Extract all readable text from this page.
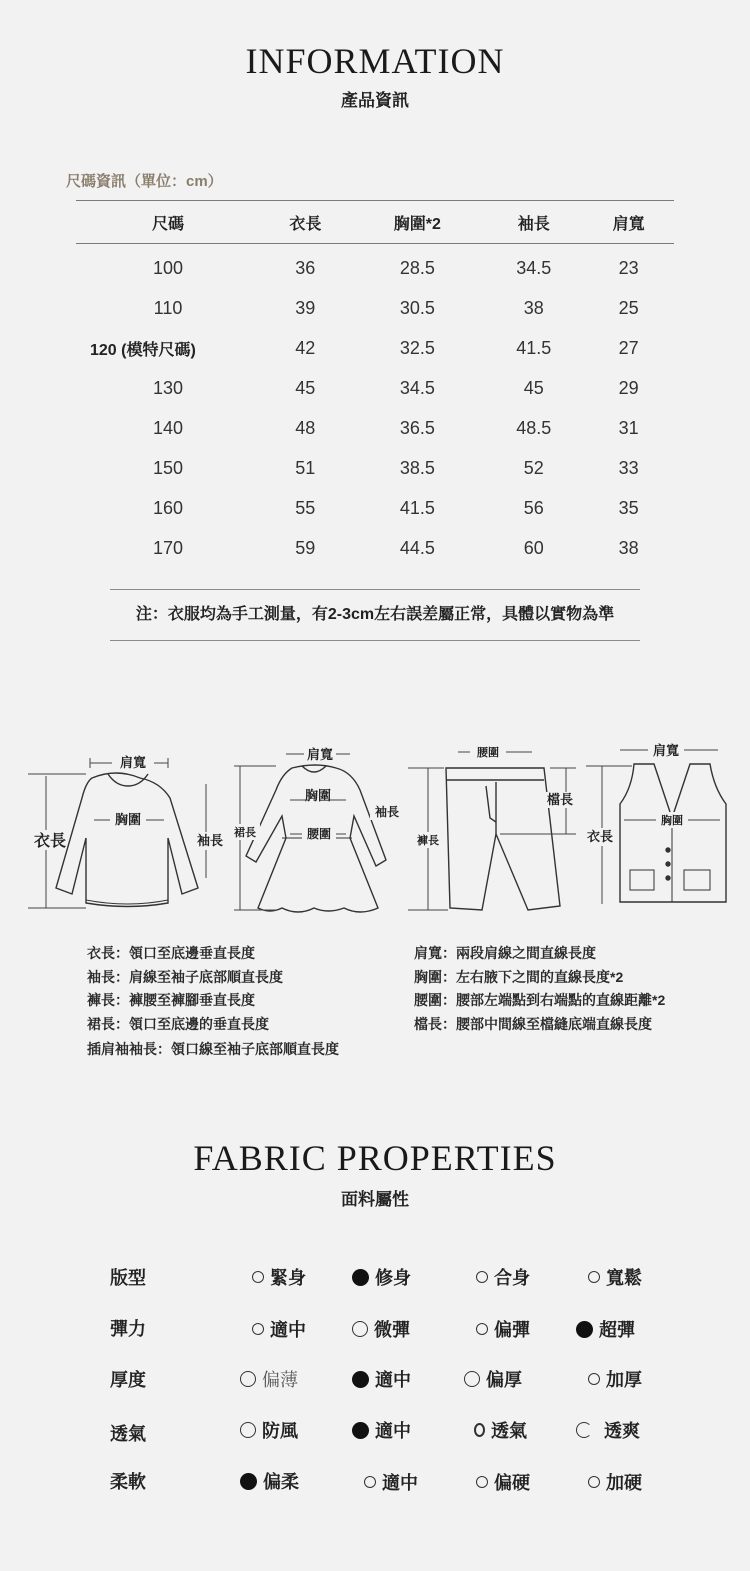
INFORMATION
產品資訊
尺碼資訊（單位：cm）
尺碼	衣長	胸圍*2	袖長	肩寬
100	36	28.5	34.5	23
110	39	30.5	38	25
120 (模特尺碼)	42	32.5	41.5	27
130	45	34.5	45	29
140	48	36.5	48.5	31
150	51	38.5	52	33
160	55	41.5	56	35
170	59	44.5	60	38
注：衣服均為手工測量，有2-3cm左右誤差屬正常，具體以實物為準
肩寬
胸圍
衣長	袖長
肩寬
胸圍
腰圍
袖長
裙長
腰圍
檔長
褲長
肩寬
胸圍
衣長
衣長：領口至底邊垂直長度
袖長：肩線至袖子底部順直長度
褲長：褲腰至褲腳垂直長度
裙長：領口至底邊的垂直長度
插肩袖袖長：領口線至袖子底部順直長度
肩寬：兩段肩線之間直線長度
胸圍：左右腋下之間的直線長度*2
腰圍：腰部左端點到右端點的直線距離*2
檔長：腰部中間線至檔縫底端直線長度
FABRIC PROPERTIES
面料屬性
版型	緊身	修身	合身	寬鬆
彈力	適中	微彈	偏彈	超彈
厚度	偏薄	適中	偏厚	加厚
透氣	防風	適中	透氣	透爽
柔軟	偏柔	適中	偏硬	加硬
